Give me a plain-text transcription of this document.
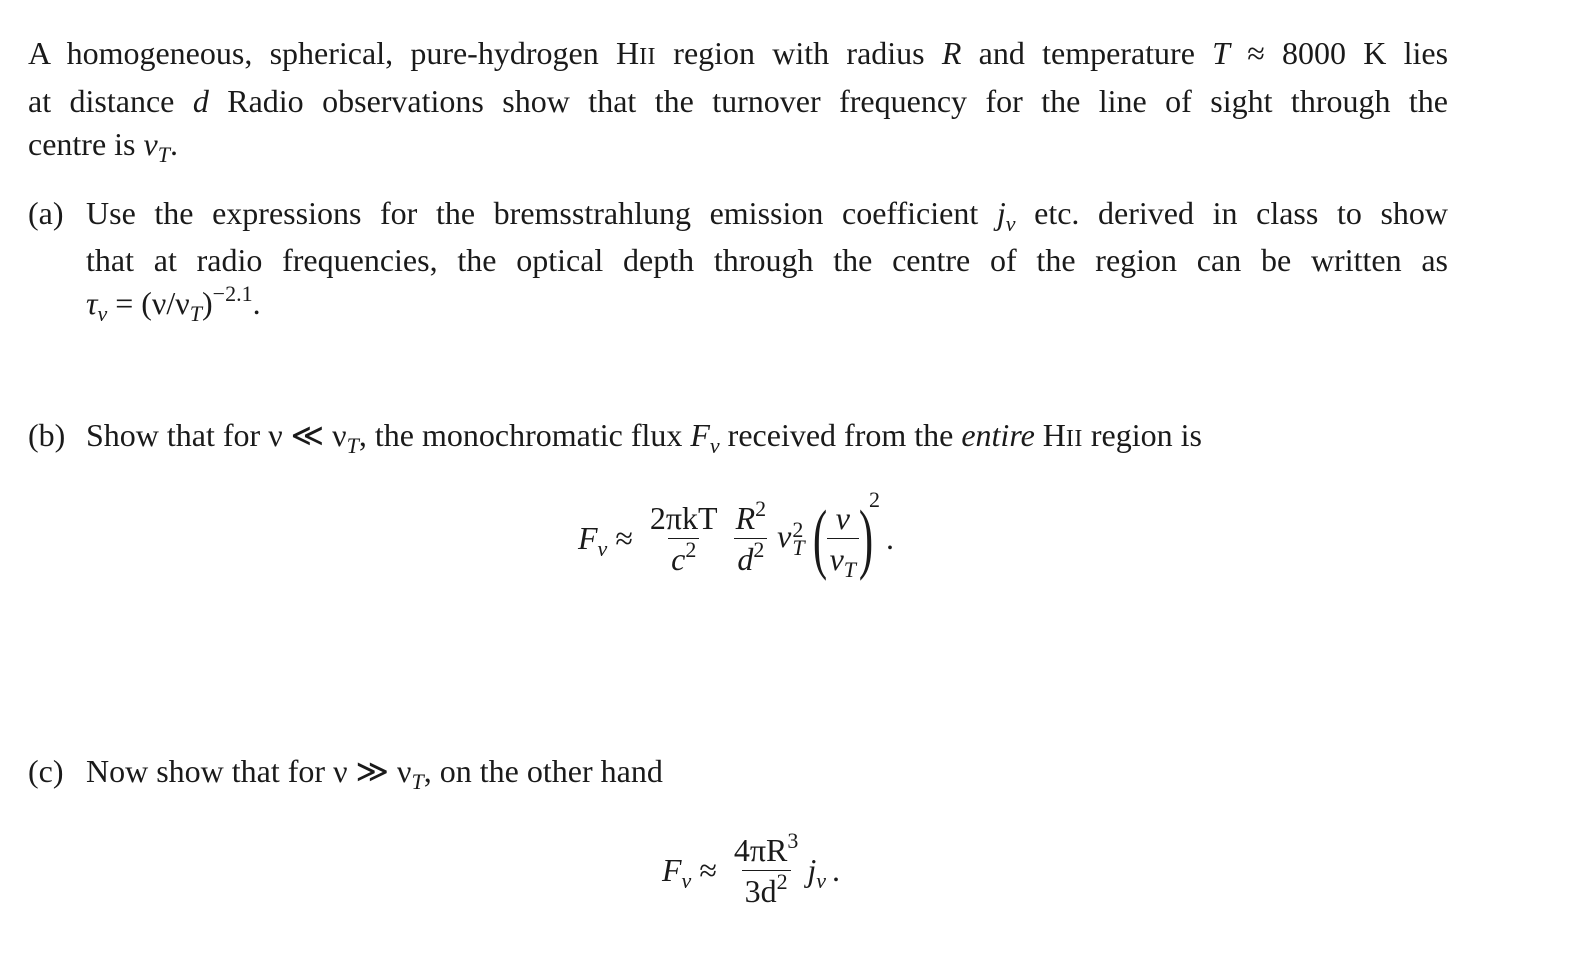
A homogeneous, spherical, pure-hydrogen HII region with radius R and temperature T ≈ 8000 K lies
at distance d Radio observations show that the turnover frequency for the line of sight through the
centre is $\nu_T$.
(a) Use the expressions for the bremsstrahlung emission coefficient $j_\nu$ etc. derived in class to show
that at radio frequencies, the optical depth through the centre of the region can be written as
$\tau_\nu = (\nu/\nu_T)^{-2.1}$.
(b) Show that for ν ≪ $\nu_T$, the monochromatic flux $F_\nu$ received from the entire HII region is
$F_\nu \approx \frac{\text{2πkT}}{c^2} \frac{R^2}{d^2}$ ν 2
T ( $\frac{\nu}{\nu_T}$ )
2
.
(c) Now show that for ν ≫ $\nu_T$, on the other hand
$F_\nu \approx \frac{4\pi R^3}{3d^2} j_\nu$ .
